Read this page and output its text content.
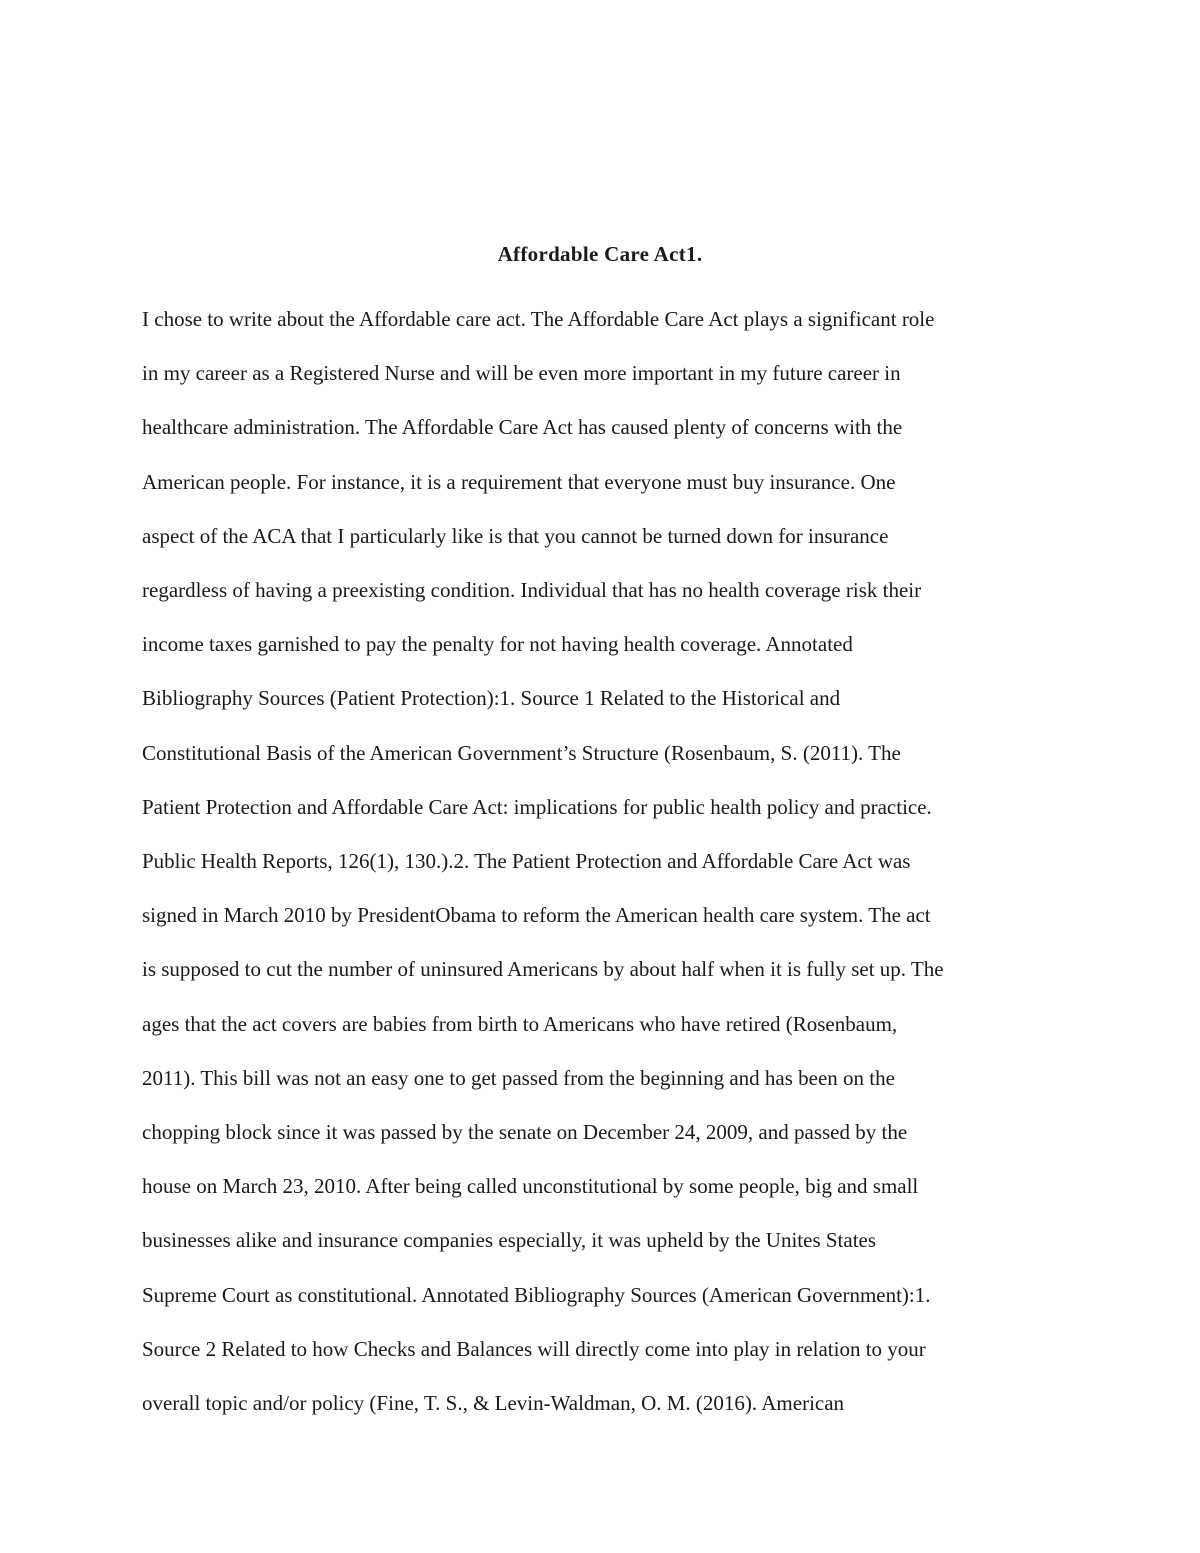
Affordable Care Act1.
I chose to write about the Affordable care act. The Affordable Care Act plays a significant role
in my career as a Registered Nurse and will be even more important in my future career in
healthcare administration. The Affordable Care Act has caused plenty of concerns with the
American people. For instance, it is a requirement that everyone must buy insurance. One
aspect of the ACA that I particularly like is that you cannot be turned down for insurance
regardless of having a preexisting condition. Individual that has no health coverage risk their
income taxes garnished to pay the penalty for not having health coverage. Annotated
Bibliography Sources (Patient Protection):1. Source 1 Related to the Historical and
Constitutional Basis of the American Government’s Structure (Rosenbaum, S. (2011). The
Patient Protection and Affordable Care Act: implications for public health policy and practice.
Public Health Reports, 126(1), 130.).2. The Patient Protection and Affordable Care Act was
signed in March 2010 by PresidentObama to reform the American health care system. The act
is supposed to cut the number of uninsured Americans by about half when it is fully set up. The
ages that the act covers are babies from birth to Americans who have retired (Rosenbaum,
2011). This bill was not an easy one to get passed from the beginning and has been on the
chopping block since it was passed by the senate on December 24, 2009, and passed by the
house on March 23, 2010. After being called unconstitutional by some people, big and small
businesses alike and insurance companies especially, it was upheld by the Unites States
Supreme Court as constitutional. Annotated Bibliography Sources (American Government):1.
Source 2 Related to how Checks and Balances will directly come into play in relation to your
overall topic and/or policy (Fine, T. S., & Levin-Waldman, O. M. (2016). American
